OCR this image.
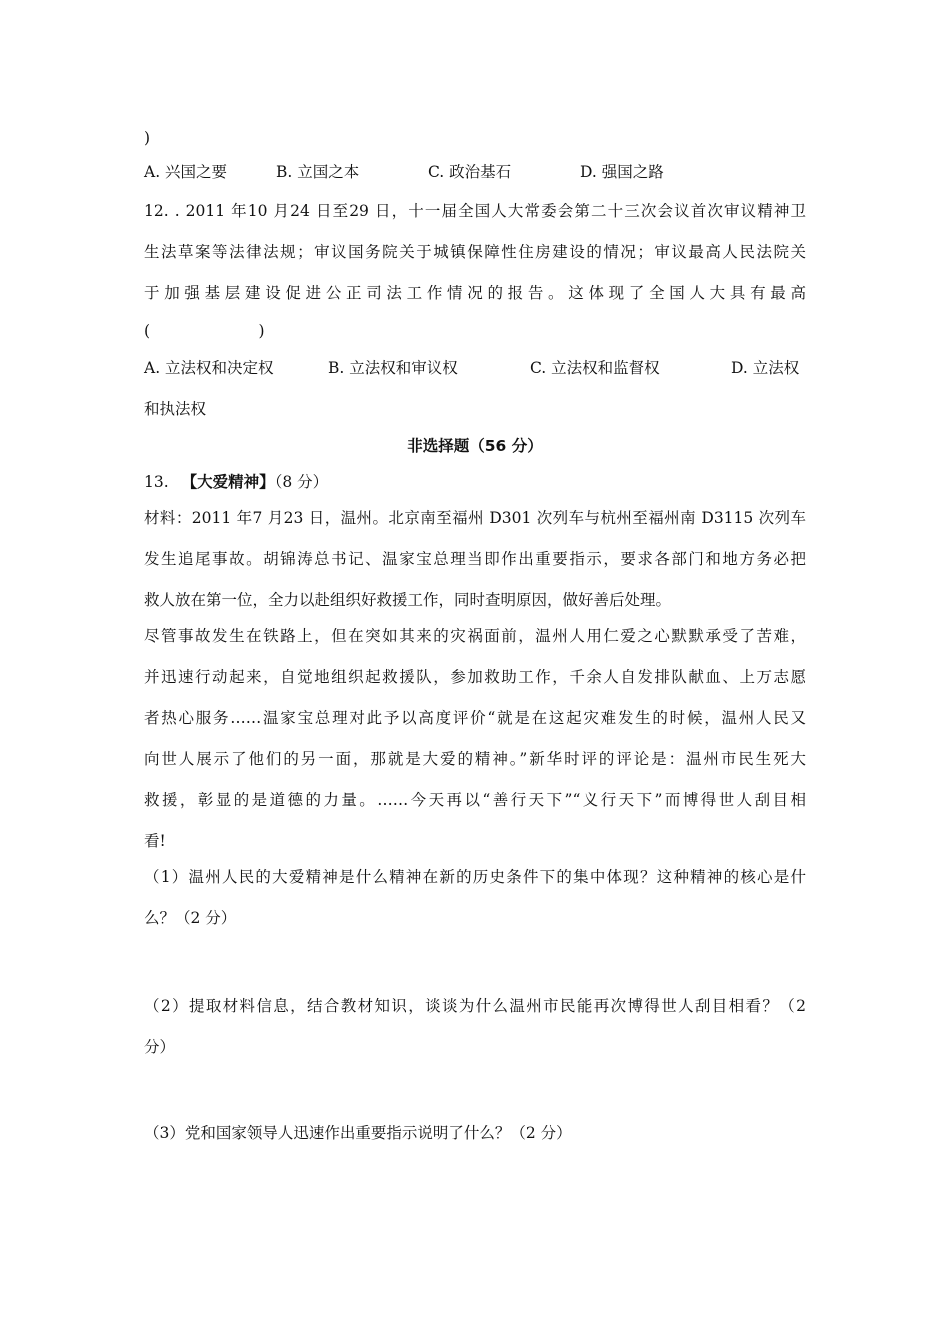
)
A. 兴国之要	B. 立国之本	C. 政治基石	D. 强国之路
12. . 2011 年10 月24 日至29 日，十一届全国人大常委会第二十三次会议首次审议精神卫
生法草案等法律法规；审议国务院关于城镇保障性住房建设的情况；审议最高人民法院关
于加强基层建设促进公正司法工作情况的报告。这体现了全国人大具有最高
(　　　　　　　)
A. 立法权和决定权	B. 立法权和审议权	C. 立法权和监督权	D. 立法权
和执法权
非选择题（56 分）
13. 【大爱精神】（8 分）
材料：2011 年7 月23 日，温州。北京南至福州 D301 次列车与杭州至福州南 D3115 次列车
发生追尾事故。胡锦涛总书记、温家宝总理当即作出重要指示，要求各部门和地方务必把
救人放在第一位，全力以赴组织好救援工作，同时查明原因，做好善后处理。
尽管事故发生在铁路上，但在突如其来的灾祸面前，温州人用仁爱之心默默承受了苦难，
并迅速行动起来，自觉地组织起救援队，参加救助工作，千余人自发排队献血、上万志愿
者热心服务……温家宝总理对此予以高度评价“就是在这起灾难发生的时候，温州人民又
向世人展示了他们的另一面，那就是大爱的精神。”新华时评的评论是：温州市民生死大
救援，彰显的是道德的力量。……今天再以“善行天下”“义行天下”而博得世人刮目相
看!
（1）温州人民的大爱精神是什么精神在新的历史条件下的集中体现？这种精神的核心是什
么？（2 分）
（2）提取材料信息，结合教材知识，谈谈为什么温州市民能再次博得世人刮目相看？（2
分）
（3）党和国家领导人迅速作出重要指示说明了什么？（2 分）
